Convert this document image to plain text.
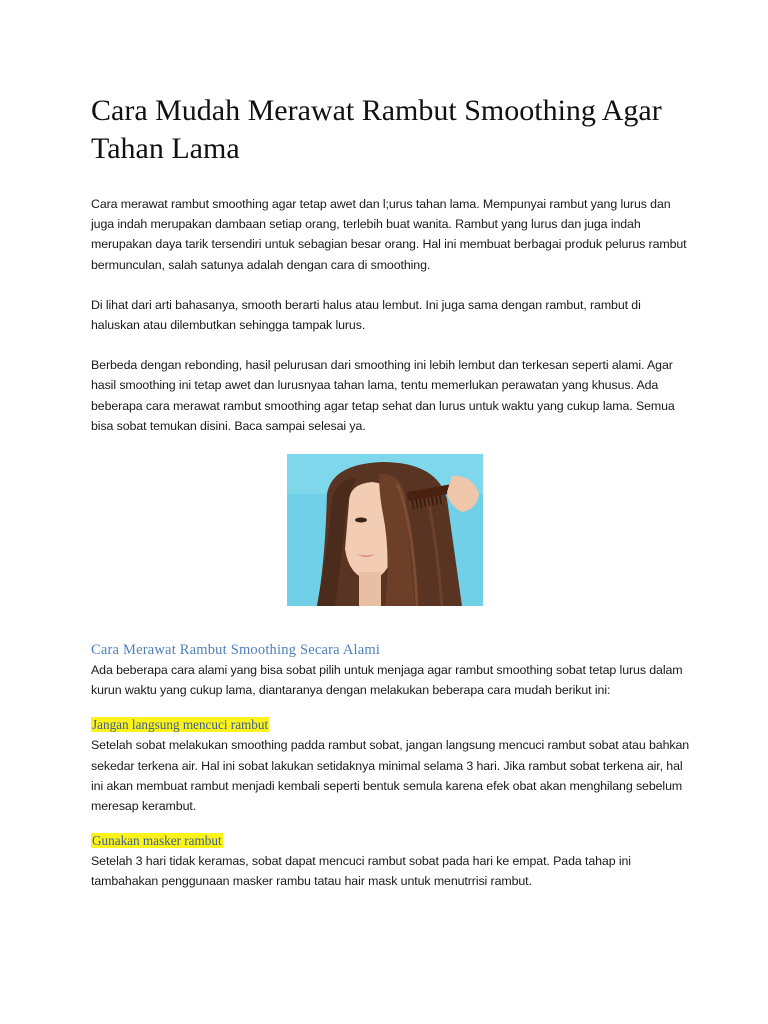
Cara Mudah Merawat Rambut Smoothing Agar Tahan Lama

Cara merawat rambut smoothing agar tetap awet dan l;urus tahan lama. Mempunyai rambut yang lurus dan juga indah merupakan dambaan setiap orang, terlebih buat wanita. Rambut yang lurus dan juga indah merupakan daya tarik tersendiri untuk sebagian besar orang. Hal ini membuat berbagai produk pelurus rambut bermunculan, salah satunya adalah dengan cara di smoothing.

Di lihat dari arti bahasanya, smooth berarti halus atau lembut. Ini juga sama dengan rambut, rambut di haluskan atau dilembutkan sehingga tampak lurus.

Berbeda dengan rebonding, hasil pelurusan dari smoothing ini lebih lembut dan terkesan seperti alami. Agar hasil smoothing ini tetap awet dan lurusnyaa tahan lama, tentu memerlukan perawatan yang khusus. Ada beberapa cara merawat rambut smoothing agar tetap sehat dan lurus untuk waktu yang cukup lama. Semua bisa sobat temukan disini. Baca sampai selesai ya.

Cara Merawat Rambut Smoothing Secara Alami

Ada beberapa cara alami yang bisa sobat pilih untuk menjaga agar rambut smoothing sobat tetap lurus dalam kurun waktu yang cukup lama, diantaranya dengan melakukan beberapa cara mudah berikut ini:

Jangan langsung mencuci rambut

Setelah sobat melakukan smoothing padda rambut sobat, jangan langsung mencuci rambut sobat atau bahkan sekedar terkena air. Hal ini sobat lakukan setidaknya minimal selama 3 hari. Jika rambut sobat terkena air, hal ini akan membuat rambut menjadi kembali seperti bentuk semula karena efek obat akan menghilang sebelum meresap kerambut.

Gunakan masker rambut

Setelah 3 hari tidak keramas, sobat dapat mencuci rambut sobat pada hari ke empat. Pada tahap ini tambahakan penggunaan masker rambu tatau hair mask untuk menutrrisi rambut.
